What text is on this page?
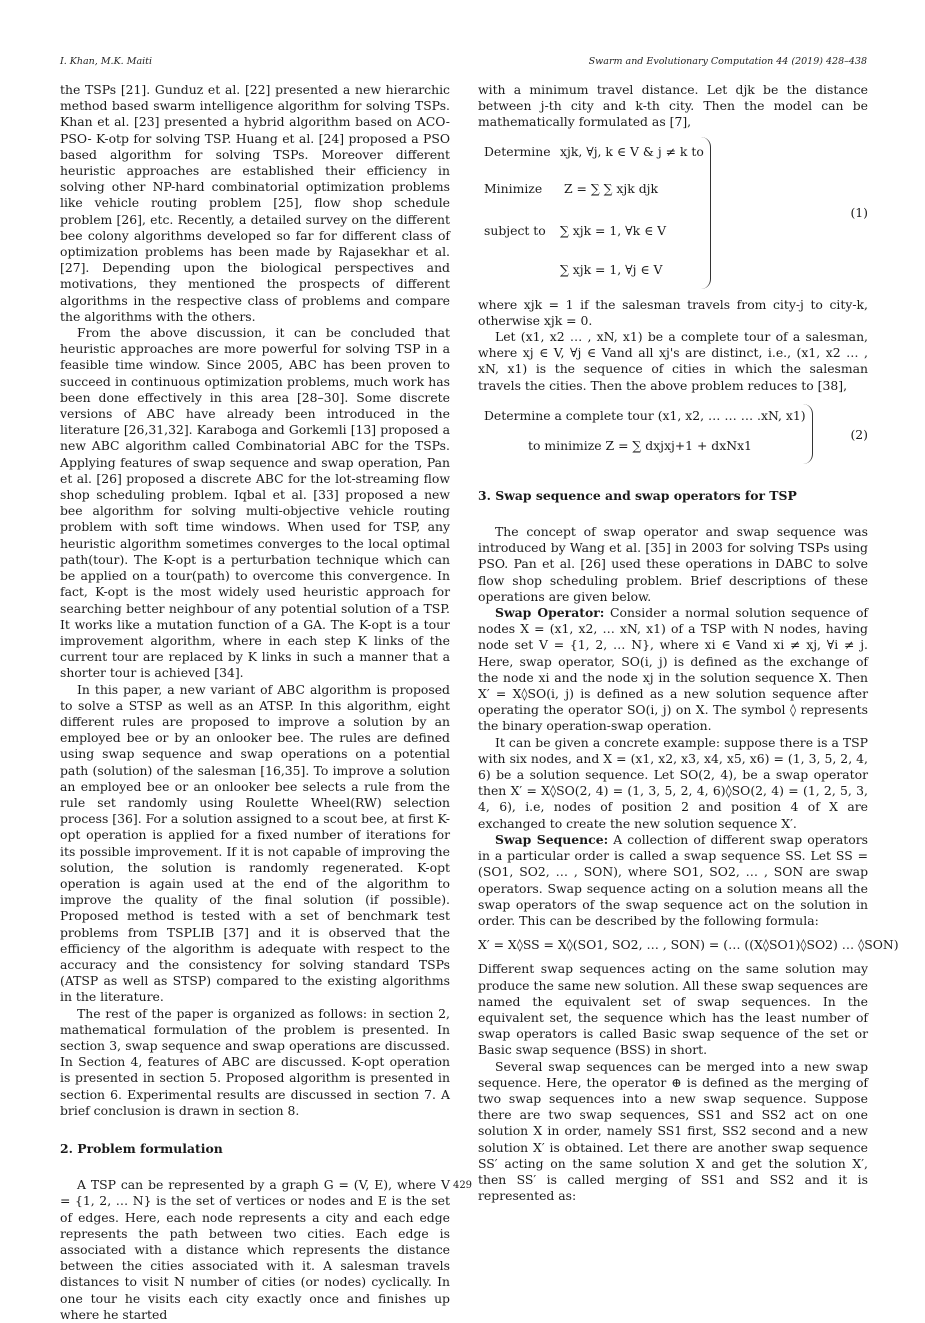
I. Khan, M.K. Maiti	Swarm and Evolutionary Computation 44 (2019) 428–438

the TSPs [21]. Gunduz et al. [22] presented a new hierarchic method based swarm intelligence algorithm for solving TSPs. Khan et al. [23] presented a hybrid algorithm based on ACO- PSO- K-otp for solving TSP. Huang et al. [24] proposed a PSO based algorithm for solving TSPs. Moreover different heuristic approaches are established their efficiency in solving other NP-hard combinatorial optimization problems like vehicle routing problem [25], flow shop schedule problem [26], etc. Recently, a detailed survey on the different bee colony algorithms developed so far for different class of optimization problems has been made by Rajasekhar et al. [27]. Depending upon the biological perspectives and motivations, they mentioned the prospects of different algorithms in the respective class of problems and compare the algorithms with the others.

From the above discussion, it can be concluded that heuristic approaches are more powerful for solving TSP in a feasible time window. Since 2005, ABC has been proven to succeed in continuous optimization problems, much work has been done effectively in this area [28–30]. Some discrete versions of ABC have already been introduced in the literature [26,31,32]. Karaboga and Gorkemli [13] proposed a new ABC algorithm called Combinatorial ABC for the TSPs. Applying features of swap sequence and swap operation, Pan et al. [26] proposed a discrete ABC for the lot-streaming flow shop scheduling problem. Iqbal et al. [33] proposed a new bee algorithm for solving multi-objective vehicle routing problem with soft time windows. When used for TSP, any heuristic algorithm sometimes converges to the local optimal path(tour). The K-opt is a perturbation technique which can be applied on a tour(path) to overcome this convergence. In fact, K-opt is the most widely used heuristic approach for searching better neighbour of any potential solution of a TSP. It works like a mutation function of a GA. The K-opt is a tour improvement algorithm, where in each step K links of the current tour are replaced by K links in such a manner that a shorter tour is achieved [34].

In this paper, a new variant of ABC algorithm is proposed to solve a STSP as well as an ATSP. In this algorithm, eight different rules are proposed to improve a solution by an employed bee or by an onlooker bee. The rules are defined using swap sequence and swap operations on a potential path (solution) of the salesman [16,35]. To improve a solution an employed bee or an onlooker bee selects a rule from the rule set randomly using Roulette Wheel(RW) selection process [36]. For a solution assigned to a scout bee, at first K-opt operation is applied for a fixed number of iterations for its possible improvement. If it is not capable of improving the solution, the solution is randomly regenerated. K-opt operation is again used at the end of the algorithm to improve the quality of the final solution (if possible). Proposed method is tested with a set of benchmark test problems from TSPLIB [37] and it is observed that the efficiency of the algorithm is adequate with respect to the accuracy and the consistency for solving standard TSPs (ATSP as well as STSP) compared to the existing algorithms in the literature.

The rest of the paper is organized as follows: in section 2, mathematical formulation of the problem is presented. In section 3, swap sequence and swap operations are discussed. In Section 4, features of ABC are discussed. K-opt operation is presented in section 5. Proposed algorithm is presented in section 6. Experimental results are discussed in section 7. A brief conclusion is drawn in section 8.

2. Problem formulation

A TSP can be represented by a graph G = (V, E), where V = {1, 2, … N} is the set of vertices or nodes and E is the set of edges. Here, each node represents a city and each edge represents the path between two cities. Each edge is associated with a distance which represents the distance between the cities associated with it. A salesman travels distances to visit N number of cities (or nodes) cyclically. In one tour he visits each city exactly once and finishes up where he started

with a minimum travel distance. Let djk be the distance between j-th city and k-th city. Then the model can be mathematically formulated as [7],

Determine xjk, ∀j, k ∈ V & j ≠ k to
Minimize	Z = ∑ ∑ xjk djk
subject to	∑ xjk = 1, ∀k ∈ V
∑ xjk = 1, ∀j ∈ V
(1)

where xjk = 1 if the salesman travels from city-j to city-k, otherwise xjk = 0.

Let (x1, x2 … , xN, x1) be a complete tour of a salesman, where xj ∈ V, ∀j ∈ Vand all xj's are distinct, i.e., (x1, x2 … , xN, x1) is the sequence of cities in which the salesman travels the cities. Then the above problem reduces to [38],

Determine a complete tour (x1, x2, … … … .xN, x1)
to minimize Z = ∑ dxjxj+1 + dxNx1
(2)
3. Swap sequence and swap operators for TSP

The concept of swap operator and swap sequence was introduced by Wang et al. [35] in 2003 for solving TSPs using PSO. Pan et al. [26] used these operations in DABC to solve flow shop scheduling problem. Brief descriptions of these operations are given below.

Swap Operator: Consider a normal solution sequence of nodes X = (x1, x2, … xN, x1) of a TSP with N nodes, having node set V = {1, 2, … N}, where xi ∈ Vand xi ≠ xj, ∀i ≠ j. Here, swap operator, SO(i, j) is defined as the exchange of the node xi and the node xj in the solution sequence X. Then X′ = X◊SO(i, j) is defined as a new solution sequence after operating the operator SO(i, j) on X. The symbol ◊ represents the binary operation-swap operation.

It can be given a concrete example: suppose there is a TSP with six nodes, and X = (x1, x2, x3, x4, x5, x6) = (1, 3, 5, 2, 4, 6) be a solution sequence. Let SO(2, 4), be a swap operator then X′ = X◊SO(2, 4) = (1, 3, 5, 2, 4, 6)◊SO(2, 4) = (1, 2, 5, 3, 4, 6), i.e, nodes of position 2 and position 4 of X are exchanged to create the new solution sequence X′.

Swap Sequence: A collection of different swap operators in a particular order is called a swap sequence SS. Let SS = (SO1, SO2, … , SON), where SO1, SO2, … , SON are swap operators. Swap sequence acting on a solution means all the swap operators of the swap sequence act on the solution in order. This can be described by the following formula:

X′ = X◊SS = X◊(SO1, SO2, … , SON) = (… ((X◊SO1)◊SO2) … ◊SON)

Different swap sequences acting on the same solution may produce the same new solution. All these swap sequences are named the equivalent set of swap sequences. In the equivalent set, the sequence which has the least number of swap operators is called Basic swap sequence of the set or Basic swap sequence (BSS) in short.

Several swap sequences can be merged into a new swap sequence. Here, the operator ⊕ is defined as the merging of two swap sequences into a new swap sequence. Suppose there are two swap sequences, SS1 and SS2 act on one solution X in order, namely SS1 first, SS2 second and a new solution X′ is obtained. Let there are another swap sequence SS′ acting on the same solution X and get the solution X′, then SS′ is called merging of SS1 and SS2 and it is represented as:

429
